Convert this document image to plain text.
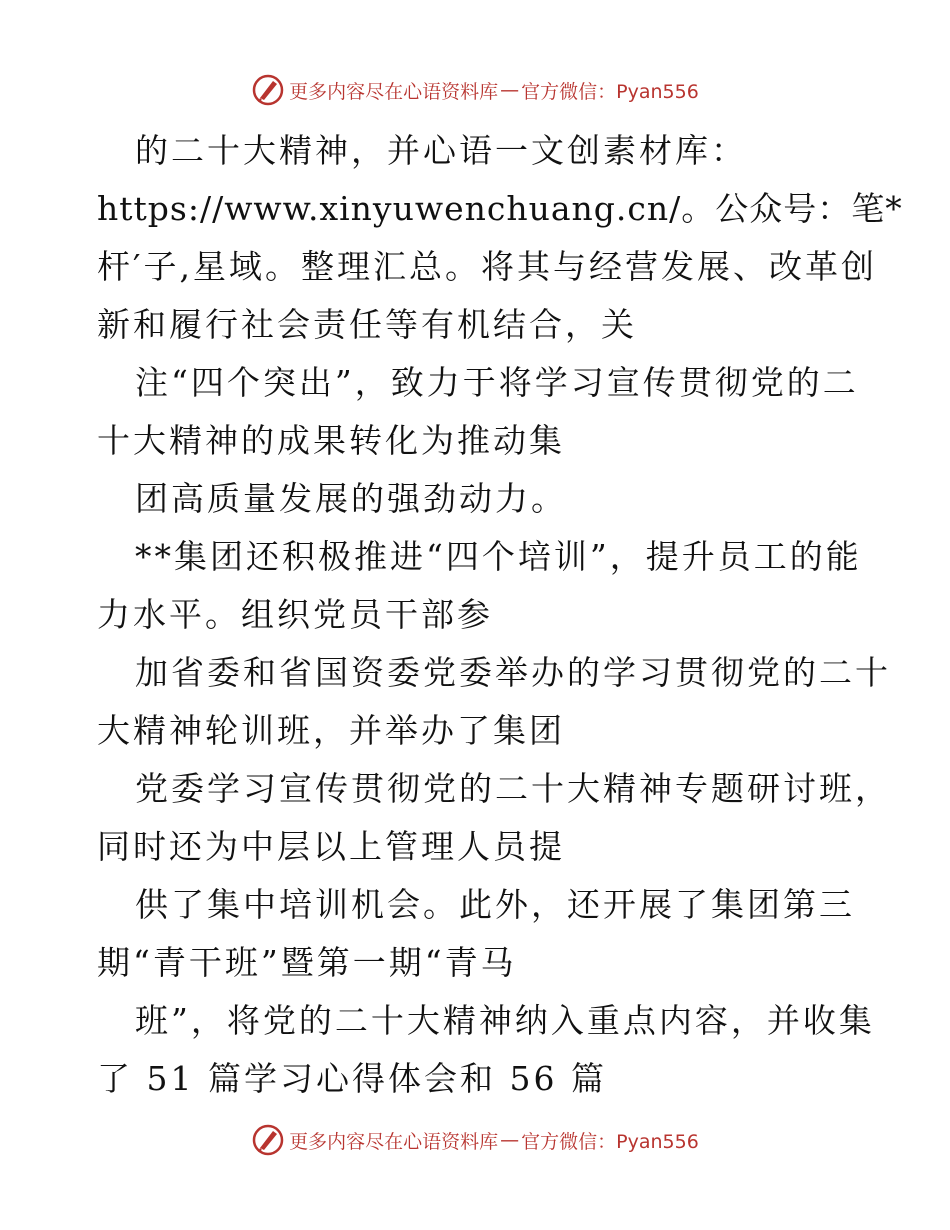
更多内容尽在心语资料库 — 官方微信：Pyan556
的二十大精神，并心语一文创素材库：
https://www.xinyuwenchuang.cn/。公众号：笔*
杆′子,星域。整理汇总。将其与经营发展、改革创
新和履行社会责任等有机结合，关
注“四个突出”，致力于将学习宣传贯彻党的二
十大精神的成果转化为推动集
团高质量发展的强劲动力。
**集团还积极推进“四个培训”，提升员工的能
力水平。组织党员干部参
加省委和省国资委党委举办的学习贯彻党的二十
大精神轮训班，并举办了集团
党委学习宣传贯彻党的二十大精神专题研讨班，
同时还为中层以上管理人员提
供了集中培训机会。此外，还开展了集团第三
期“青干班”暨第一期“青马
班”，将党的二十大精神纳入重点内容，并收集
了 51 篇学习心得体会和 56 篇
更多内容尽在心语资料库 — 官方微信：Pyan556
